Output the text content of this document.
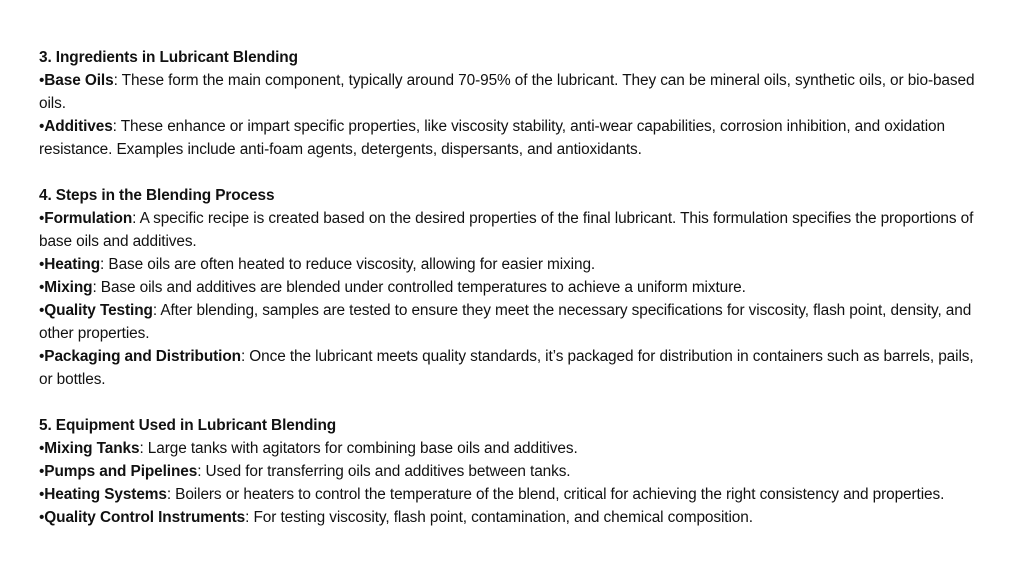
3. Ingredients in Lubricant Blending

•Base Oils: These form the main component, typically around 70-95% of the lubricant. They can be mineral oils, synthetic oils, or bio-based oils.

•Additives: These enhance or impart specific properties, like viscosity stability, anti-wear capabilities, corrosion inhibition, and oxidation resistance. Examples include anti-foam agents, detergents, dispersants, and antioxidants.

4. Steps in the Blending Process

•Formulation: A specific recipe is created based on the desired properties of the final lubricant. This formulation specifies the proportions of base oils and additives.

•Heating: Base oils are often heated to reduce viscosity, allowing for easier mixing.

•Mixing: Base oils and additives are blended under controlled temperatures to achieve a uniform mixture.

•Quality Testing: After blending, samples are tested to ensure they meet the necessary specifications for viscosity, flash point, density, and other properties.

•Packaging and Distribution: Once the lubricant meets quality standards, it’s packaged for distribution in containers such as barrels, pails, or bottles.

5. Equipment Used in Lubricant Blending

•Mixing Tanks: Large tanks with agitators for combining base oils and additives.

•Pumps and Pipelines: Used for transferring oils and additives between tanks.

•Heating Systems: Boilers or heaters to control the temperature of the blend, critical for achieving the right consistency and properties.

•Quality Control Instruments: For testing viscosity, flash point, contamination, and chemical composition.
